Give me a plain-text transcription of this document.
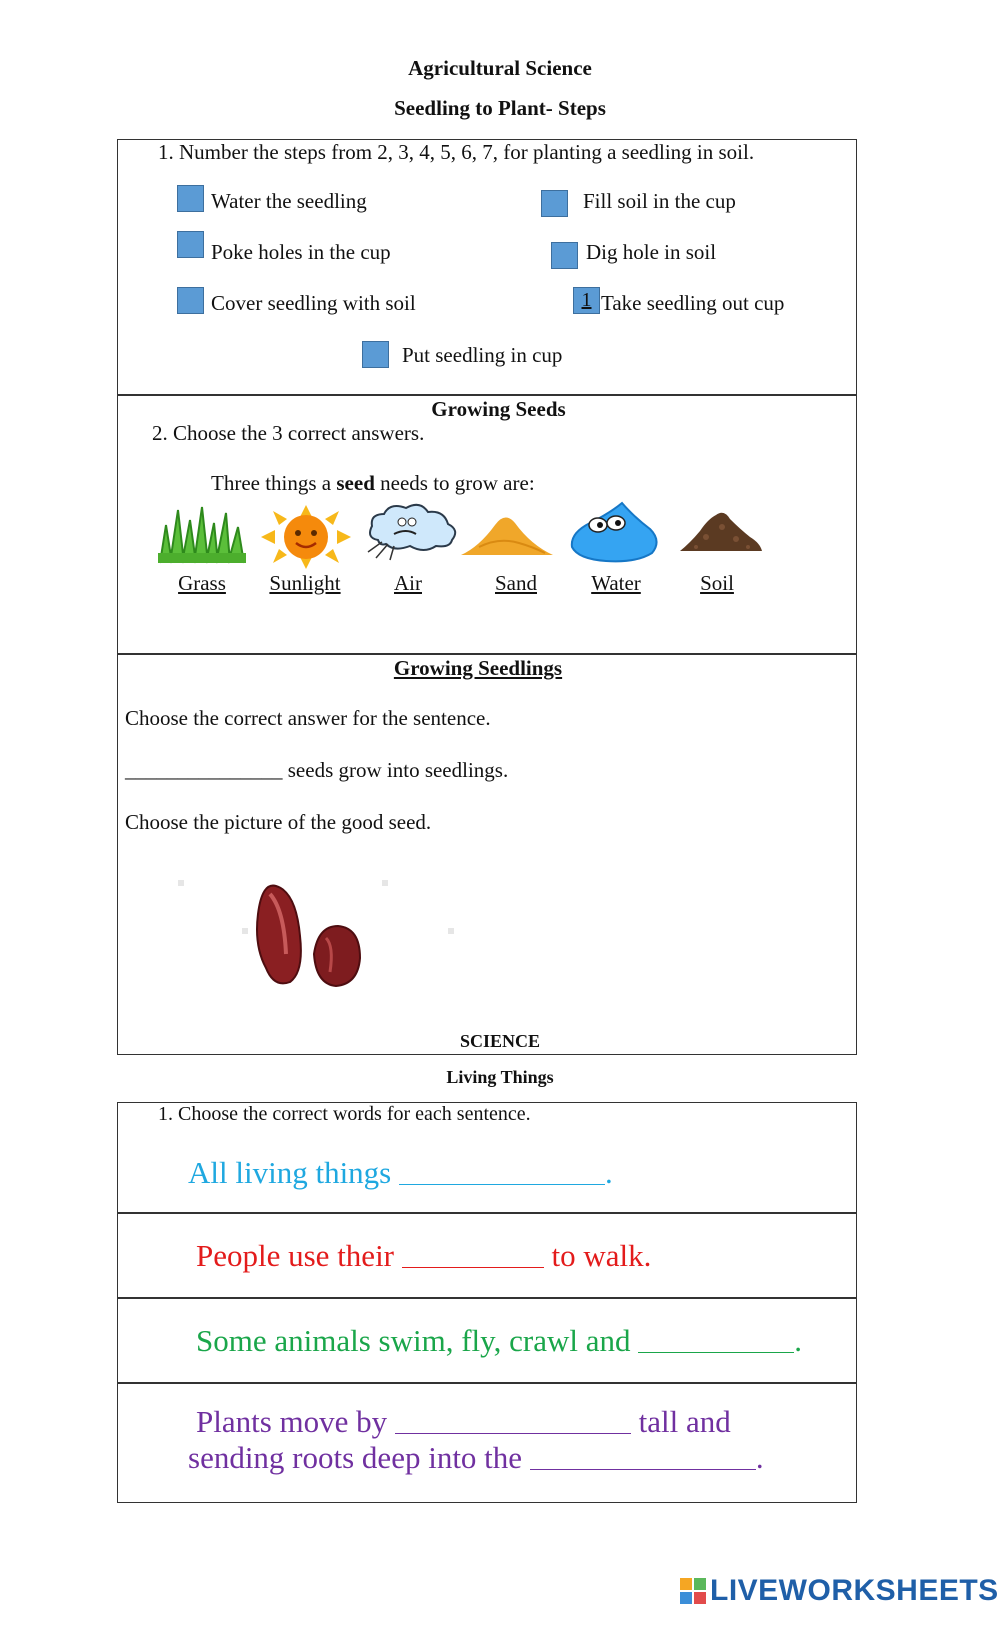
Agricultural Science
Seedling to Plant- Steps
1. Number the steps from 2, 3, 4, 5, 6, 7, for planting a seedling in soil.
Water the seedling	Fill soil in the cup
Poke holes in the cup	Dig hole in soil
Cover seedling with soil	1 Take seedling out cup
Put seedling in cup
Growing Seeds
2. Choose the 3 correct answers.
Three things a seed needs to grow are:
Grass	Sunlight	Air	Sand	Water	Soil
Growing Seedlings
Choose the correct answer for the sentence.
_______________ seeds grow into seedlings.
Choose the picture of the good seed.
SCIENCE
Living Things
1. Choose the correct words for each sentence.
All living things	.
People use their	to walk.
Some animals swim, fly, crawl and	.
Plants move by	tall and
sending roots deep into the	.
LIVEWORKSHEETS
